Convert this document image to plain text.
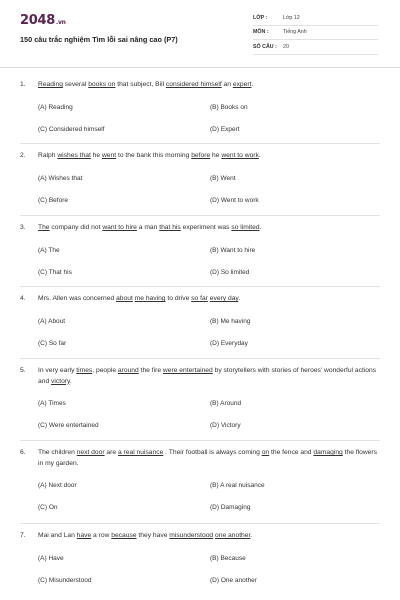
2048.vn
150 câu trắc nghiệm Tìm lỗi sai nâng cao (P7)
LỚP :	Lớp 12
MÔN :	Tiếng Anh
SỐ CÂU :	20
1.	Reading several books on that subject, Bill considered himself an expert.
(A) Reading	(B) Books on
(C) Considered himself	(D) Expert
2.	Ralph wishes that he went to the bank this morning before he went to work.
(A) Wishes that	(B) Went
(C) Before	(D) Went to work
3.	The company did not want to hire a man that his experiment was so limited.
(A) The	(B) Want to hire
(C) That his	(D) So limited
4.	Mrs. Allen was concerned about me having to drive so far every day.
(A) About	(B) Me having
(C) So far	(D) Everyday
5.	In very early times, people around the fire were entertained by storytellers with stories of heroes' wonderful actions and victory.
(A) Times	(B) Around
(C) Were entertained	(D) Victory
6.	The children next door are a real nuisance . Their football is always coming on the fence and damaging the flowers in my garden.
(A) Next door	(B) A real nuisance
(C) On	(D) Damaging
7.	Mai and Lan have a row because they have misunderstood one another.
(A) Have	(B) Because
(C) Misunderstood	(D) One another
